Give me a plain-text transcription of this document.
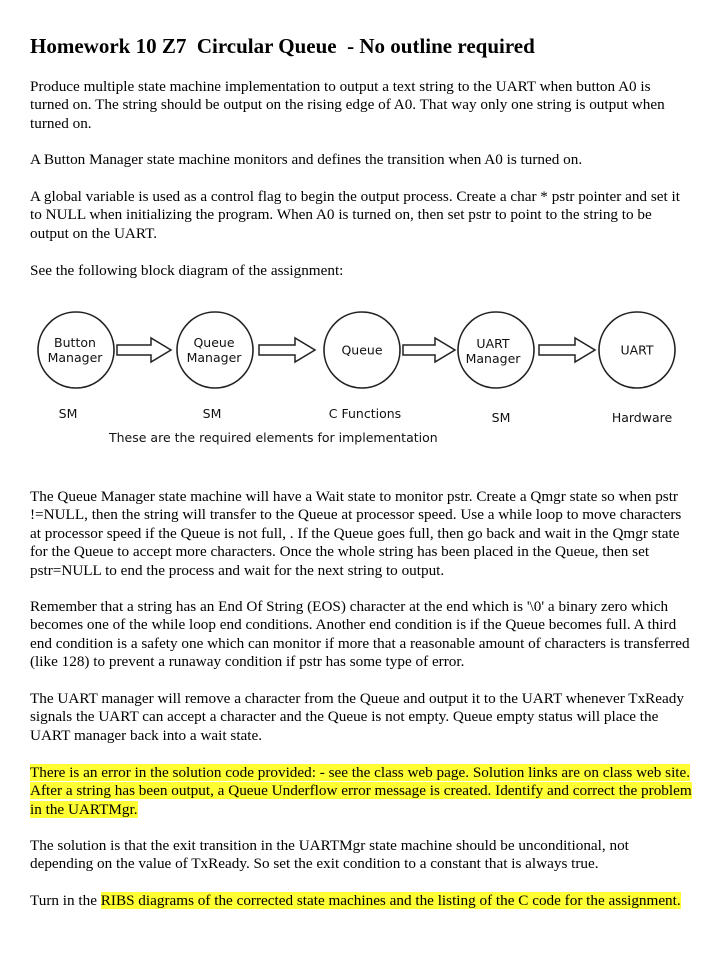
Homework 10 Z7  Circular Queue  - No outline required

Produce multiple state machine implementation to output a text string to the UART when button A0 is turned on. The string should be output on the rising edge of A0. That way only one string is output when turned on.

A Button Manager state machine monitors and defines the transition when A0 is turned on.

A global variable is used as a control flag to begin the output process. Create a char * pstr pointer and set it to NULL when initializing the program. When A0 is turned on, then set pstr to point to the string to be output on the UART.

See the following block diagram of the assignment:

The Queue Manager state machine will have a Wait state to monitor pstr. Create a Qmgr state so when pstr !=NULL, then the string will transfer to the Queue at processor speed. Use a while loop to move characters at processor speed if the Queue is not full, . If the Queue goes full, then go back and wait in the Qmgr state for the Queue to accept more characters. Once the whole string has been placed in the Queue, then set pstr=NULL to end the process and wait for the next string to output.

Remember that a string has an End Of String (EOS) character at the end which is '\0' a binary zero which becomes one of the while loop end conditions. Another end condition is if the Queue becomes full. A third end condition is a safety one which can monitor if more that a reasonable amount of characters is transferred (like 128) to prevent a runaway condition if pstr has some type of error.

The UART manager will remove a character from the Queue and output it to the UART whenever TxReady signals the UART can accept a character and the Queue is not empty. Queue empty status will place the UART manager back into a wait state.

There is an error in the solution code provided: - see the class web page. Solution links are on class web site. After a string has been output, a Queue Underflow error message is created. Identify and correct the problem in the UARTMgr.

The solution is that the exit transition in the UARTMgr state machine should be unconditional, not depending on the value of TxReady. So set the exit condition to a constant that is always true.

Turn in the RIBS diagrams of the corrected state machines and the listing of the C code for the assignment.

Button
Manager
Queue
Manager	Queue	UART
Manager
UART
SM	SM	C Functions	SM	Hardware
These are the required elements for implementation
